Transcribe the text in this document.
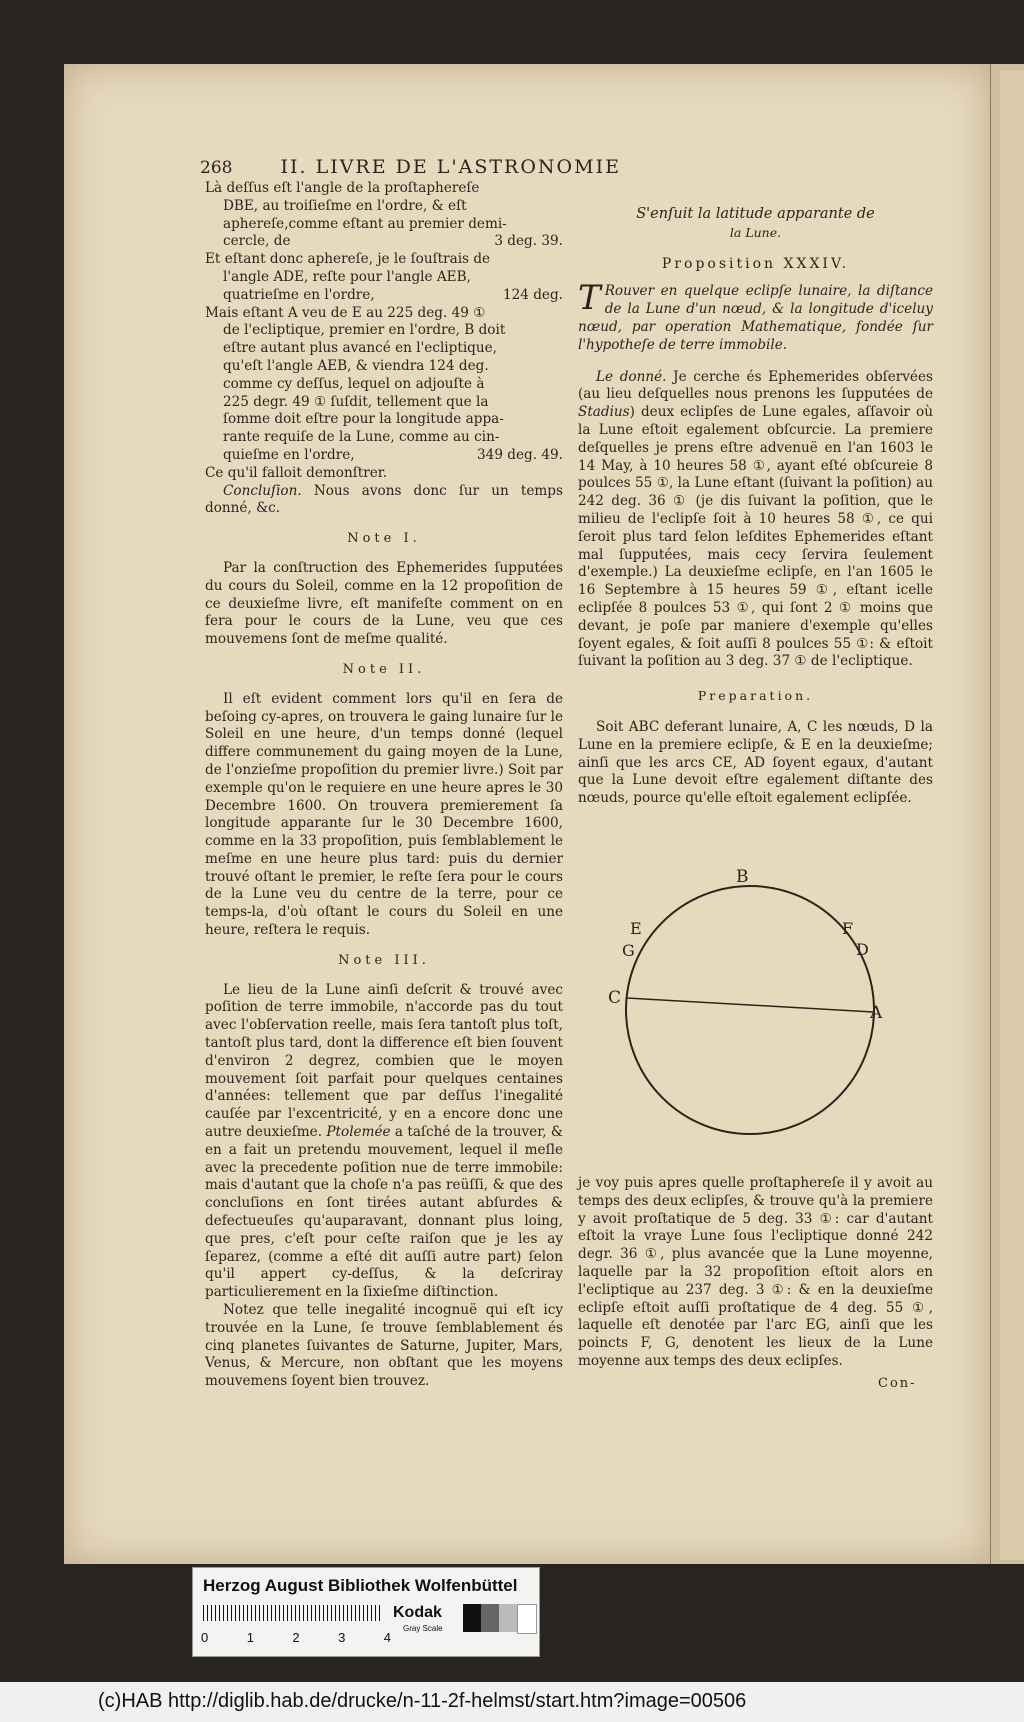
268	II. LIVRE DE L'ASTRONOMIE
Là deſſus eſt l'angle de la proſtaphereſe
DBE, au troiſieſme en l'ordre, & eſt
aphereſe,comme eſtant au premier demi-
cercle, de	3 deg. 39.
Et eſtant donc aphereſe, je le ſouſtrais de
l'angle ADE, reſte pour l'angle AEB,
quatrieſme en l'ordre,	124 deg.
Mais eſtant A veu de E au 225 deg. 49 ①
de l'ecliptique, premier en l'ordre, B doit
eſtre autant plus avancé en l'ecliptique,
qu'eſt l'angle AEB, & viendra 124 deg.
comme cy deſſus, lequel on adjouſte à
225 degr. 49 ① ſuſdit, tellement que la
ſomme doit eſtre pour la longitude appa-
rante requiſe de la Lune, comme au cin-
quieſme en l'ordre,	349 deg. 49.
Ce qu'il falloit demonſtrer.

Concluſion. Nous avons donc ſur un temps donné, &c.

Note I.

Par la conſtruction des Ephemerides ſupputées du cours du Soleil, comme en la 12 propoſition de ce deuxieſme livre, eſt manifeſte comment on en fera pour le cours de la Lune, veu que ces mouvemens ſont de meſme qualité.

Note II.

Il eſt evident comment lors qu'il en ſera de beſoing cy-apres, on trouvera le gaing lunaire ſur le Soleil en une heure, d'un temps donné (lequel differe communement du gaing moyen de la Lune, de l'onzieſme propoſition du premier livre.) Soit par exemple qu'on le requiere en une heure apres le 30 Decembre 1600. On trouvera premierement ſa longitude apparante ſur le 30 Decembre 1600, comme en la 33 propoſition, puis ſemblablement le meſme en une heure plus tard: puis du dernier trouvé oſtant le premier, le reſte ſera pour le cours de la Lune veu du centre de la terre, pour ce temps-la, d'où oſtant le cours du Soleil en une heure, reſtera le requis.

Note III.

Le lieu de la Lune ainſi deſcrit & trouvé avec poſition de terre immobile, n'accorde pas du tout avec l'obſervation reelle, mais ſera tantoſt plus toſt, tantoſt plus tard, dont la difference eſt bien ſouvent d'environ 2 degrez, combien que le moyen mouvement ſoit parfait pour quelques centaines d'années: tellement que par deſſus l'inegalité cauſée par l'excentricité, y en a encore donc une autre deuxieſme. Ptolemée a taſché de la trouver, & en a fait un pretendu mouvement, lequel il meſle avec la precedente poſition nue de terre immobile: mais d'autant que la choſe n'a pas reüſſi, & que des concluſions en ſont tirées autant abſurdes & defectueuſes qu'auparavant, donnant plus loing, que pres, c'eſt pour ceſte raiſon que je les ay ſeparez, (comme a eſté dit auſſi autre part) ſelon qu'il appert cy-deſſus, & la deſcriray particulierement en la ſixieſme diſtinction.

Notez que telle inegalité incognuë qui eſt icy trouvée en la Lune, ſe trouve ſemblablement és cinq planetes ſuivantes de Saturne, Jupiter, Mars, Venus, & Mercure, non obſtant que les moyens mouvemens ſoyent bien trouvez.

S'enſuit la latitude apparante de
la Lune.
Proposition XXXIV.

T Rouver en quelque eclipſe lunaire, la diſtance de la Lune d'un nœud, & la longitude d'iceluy nœud, par operation Mathematique, fondée ſur l'hypotheſe de terre immobile.

Le donné. Je cerche és Ephemerides obſervées (au lieu deſquelles nous prenons les ſupputées de Stadius) deux eclipſes de Lune egales, aſſavoir où la Lune eſtoit egalement obſcurcie. La premiere deſquelles je prens eſtre advenuë en l'an 1603 le 14 May, à 10 heures 58 ①, ayant eſté obſcureie 8 poulces 55 ①, la Lune eſtant (ſuivant la poſition) au 242 deg. 36 ① (je dis ſuivant la poſition, que le milieu de l'eclipſe ſoit à 10 heures 58 ①, ce qui ſeroit plus tard ſelon leſdites Ephemerides eſtant mal ſupputées, mais cecy ſervira ſeulement d'exemple.) La deuxieſme eclipſe, en l'an 1605 le 16 Septembre à 15 heures 59 ①, eſtant icelle eclipſée 8 poulces 53 ①, qui ſont 2 ① moins que devant, je poſe par maniere d'exemple qu'elles ſoyent egales, & ſoit auſſi 8 poulces 55 ①: & eſtoit ſuivant la poſition au 3 deg. 37 ① de l'ecliptique.

Preparation.

Soit ABC deferant lunaire, A, C les nœuds, D la Lune en la premiere eclipſe, & E en la deuxieſme; ainſi que les arcs CE, AD ſoyent egaux, d'autant que la Lune devoit eſtre egalement diſtante des nœuds, pource qu'elle eſtoit egalement eclipſée.

B
A
C
D
F
E
G

je voy puis apres quelle proſtaphereſe il y avoit au temps des deux eclipſes, & trouve qu'à la premiere y avoit proſtatique de 5 deg. 33 ①: car d'autant eſtoit la vraye Lune ſous l'ecliptique donné 242 degr. 36 ①, plus avancée que la Lune moyenne, laquelle par la 32 propoſition eſtoit alors en l'ecliptique au 237 deg. 3 ①: & en la deuxieſme eclipſe eſtoit auſſi proſtatique de 4 deg. 55 ①, laquelle eſt denotée par l'arc EG, ainſi que les poincts F, G, denotent les lieux de la Lune moyenne aux temps des deux eclipſes.

Con-
Herzog August Bibliothek Wolfenbüttel
Kodak
Gray Scale
0	1	2	3	4
(c)HAB http://diglib.hab.de/drucke/n-11-2f-helmst/start.htm?image=00506
